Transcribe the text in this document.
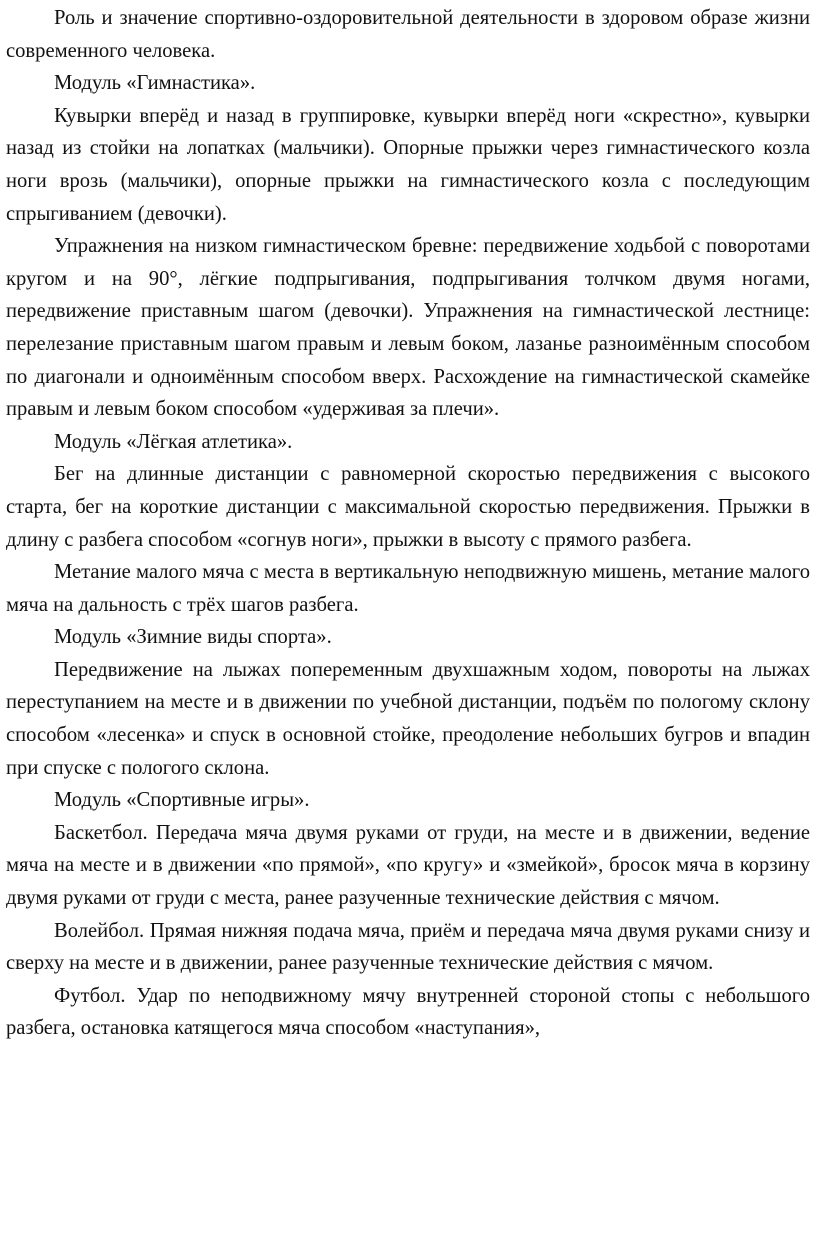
Роль и значение спортивно-оздоровительной деятельности в здоровом образе жизни современного человека.

Модуль «Гимнастика».

Кувырки вперёд и назад в группировке, кувырки вперёд ноги «скрестно», кувырки назад из стойки на лопатках (мальчики). Опорные прыжки через гимнастического козла ноги врозь (мальчики), опорные прыжки на гимнастического козла с последующим спрыгиванием (девочки).

Упражнения на низком гимнастическом бревне: передвижение ходьбой с поворотами кругом и на 90°, лёгкие подпрыгивания, подпрыгивания толчком двумя ногами, передвижение приставным шагом (девочки). Упражнения на гимнастической лестнице: перелезание приставным шагом правым и левым боком, лазанье разноимённым способом по диагонали и одноимённым способом вверх. Расхождение на гимнастической скамейке правым и левым боком способом «удерживая за плечи».

Модуль «Лёгкая атлетика».

Бег на длинные дистанции с равномерной скоростью передвижения с высокого старта, бег на короткие дистанции с максимальной скоростью передвижения. Прыжки в длину с разбега способом «согнув ноги», прыжки в высоту с прямого разбега.

Метание малого мяча с места в вертикальную неподвижную мишень, метание малого мяча на дальность с трёх шагов разбега.

Модуль «Зимние виды спорта».

Передвижение на лыжах попеременным двухшажным ходом, повороты на лыжах переступанием на месте и в движении по учебной дистанции, подъём по пологому склону способом «лесенка» и спуск в основной стойке, преодоление небольших бугров и впадин при спуске с пологого склона.

Модуль «Спортивные игры».

Баскетбол. Передача мяча двумя руками от груди, на месте и в движении, ведение мяча на месте и в движении «по прямой», «по кругу» и «змейкой», бросок мяча в корзину двумя руками от груди с места, ранее разученные технические действия с мячом.

Волейбол. Прямая нижняя подача мяча, приём и передача мяча двумя руками снизу и сверху на месте и в движении, ранее разученные технические действия с мячом.

Футбол. Удар по неподвижному мячу внутренней стороной стопы с небольшого разбега, остановка катящегося мяча способом «наступания»,
